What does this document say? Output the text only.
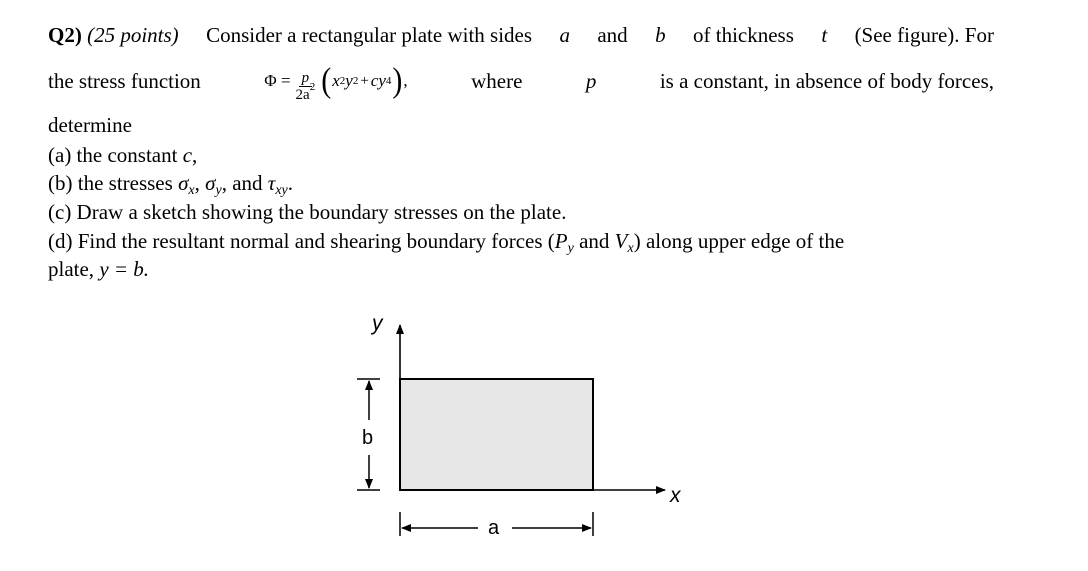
Q2) (25 points) Consider a rectangular plate with sides a and b of thickness t (See figure). For
the stress function	$\Phi = \frac{p}{2a^2}$ ( x 2 y 2 + cy 4 ) ,	where	p	is a constant, in absence of body forces,
determine
(a) the constant c,
(b) the stresses $\sigma_x$, $\sigma_y$, and $\tau_{xy}$.
(c) Draw a sketch showing the boundary stresses on the plate.
(d) Find the resultant normal and shearing boundary forces ($P_y$ and $V_x$) along upper edge of the
plate, y = b.
y
x
b
a
